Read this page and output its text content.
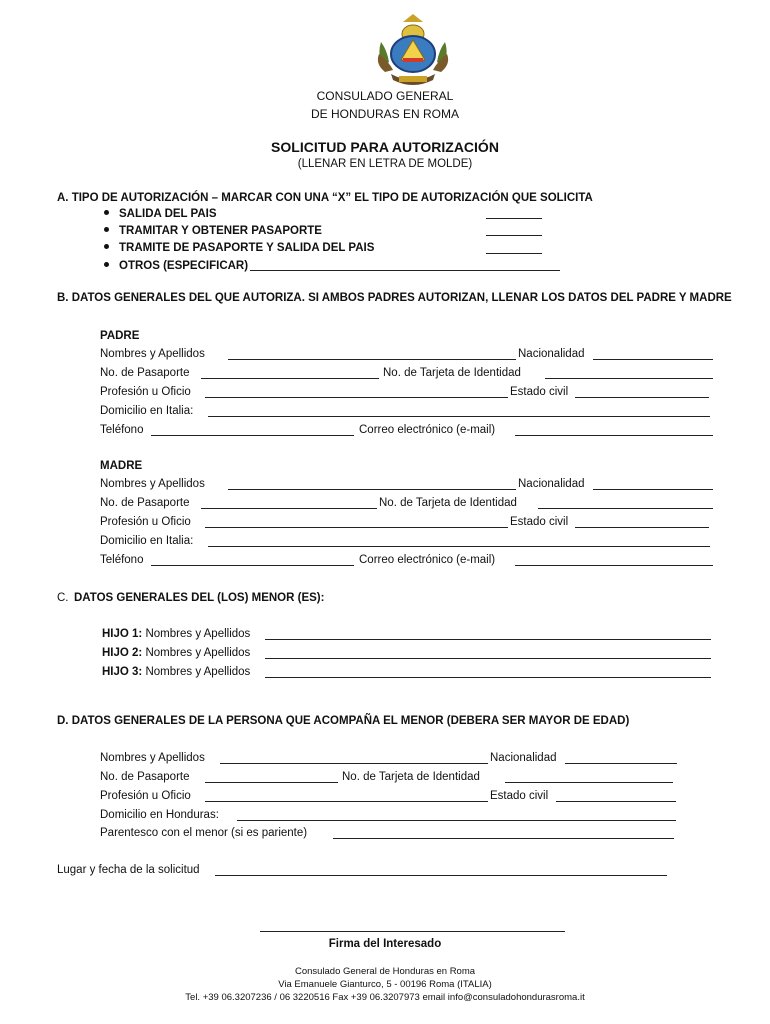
CONSULADO GENERAL
DE HONDURAS EN ROMA
SOLICITUD PARA AUTORIZACIÓN
(LLENAR EN LETRA DE MOLDE)
A. TIPO DE AUTORIZACIÓN – MARCAR CON UNA “X” EL TIPO DE AUTORIZACIÓN QUE SOLICITA
SALIDA DEL PAIS
TRAMITAR Y OBTENER PASAPORTE
TRAMITE DE PASAPORTE Y SALIDA DEL PAIS
OTROS (ESPECIFICAR)
B. DATOS GENERALES DEL QUE AUTORIZA. SI AMBOS PADRES AUTORIZAN, LLENAR LOS DATOS DEL PADRE Y MADRE
PADRE
Nombres y Apellidos	Nacionalidad
No. de Pasaporte	No. de Tarjeta de Identidad
Profesión u Oficio	Estado civil
Domicilio en Italia:
Teléfono	Correo electrónico (e-mail)
MADRE
Nombres y Apellidos	Nacionalidad
No. de Pasaporte	No. de Tarjeta de Identidad
Profesión u Oficio	Estado civil
Domicilio en Italia:
Teléfono	Correo electrónico (e-mail)
C. DATOS GENERALES DEL (LOS) MENOR (ES):
HIJO 1: Nombres y Apellidos
HIJO 2: Nombres y Apellidos
HIJO 3: Nombres y Apellidos
D. DATOS GENERALES DE LA PERSONA QUE ACOMPAÑA EL MENOR (DEBERA SER MAYOR DE EDAD)
Nombres y Apellidos	Nacionalidad
No. de Pasaporte	No. de Tarjeta de Identidad
Profesión u Oficio	Estado civil
Domicilio en Honduras:
Parentesco con el menor (si es pariente)
Lugar y fecha de la solicitud
Firma del Interesado
Consulado General de Honduras en Roma
Via Emanuele Gianturco, 5 - 00196 Roma (ITALIA)
Tel. +39 06.3207236 / 06 3220516 Fax +39 06.3207973 email info@consuladohondurasroma.it
